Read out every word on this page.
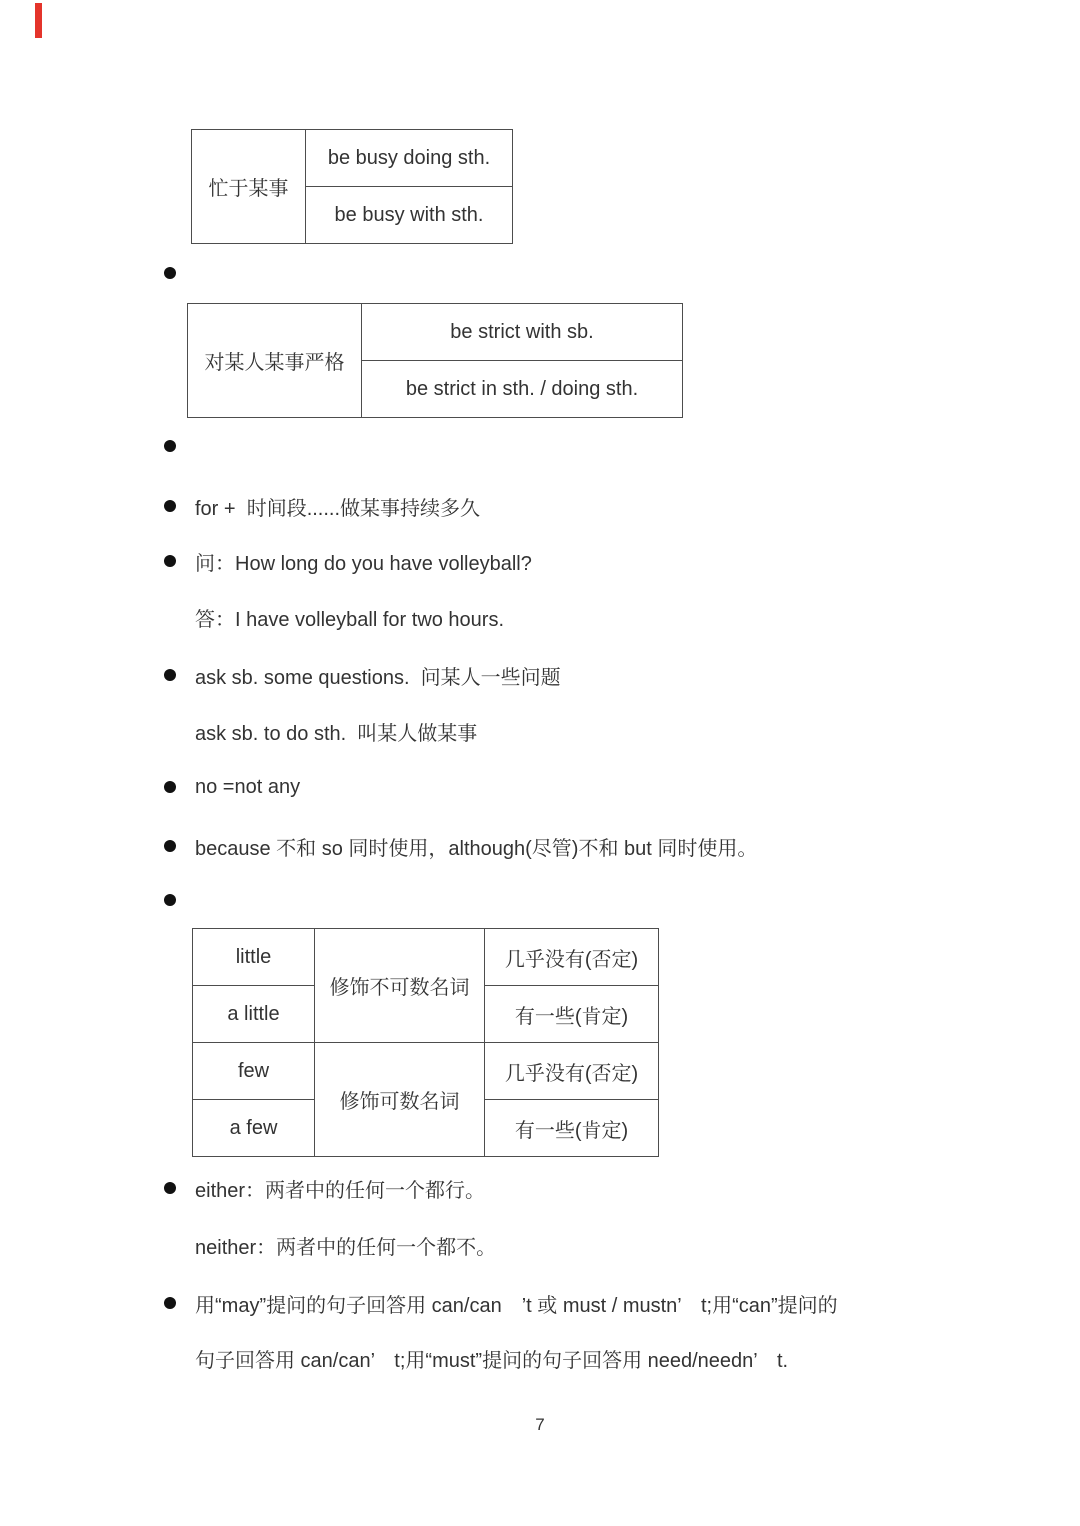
忙于某事	be busy doing sth.
be busy with sth.
对某人某事严格	be strict with sb.
be strict in sth. / doing sth.
for +  时间段......做某事持续多久
问：How long do you have volleyball?
答：I have volleyball for two hours.
ask sb. some questions.  问某人一些问题
ask sb. to do sth.  叫某人做某事
no =not any
because 不和 so 同时使用，although(尽管)不和 but 同时使用。
little	修饰不可数名词	几乎没有(否定)
a little		有一些(肯定)
few	修饰可数名词	几乎没有(否定)
a few		有一些(肯定)
either：两者中的任何一个都行。
neither：两者中的任何一个都不。
用“may”提问的句子回答用 can/can　’t 或 must / mustn’　t;用“can”提问的
句子回答用 can/can’　t;用“must”提问的句子回答用 need/needn’　t.
7
